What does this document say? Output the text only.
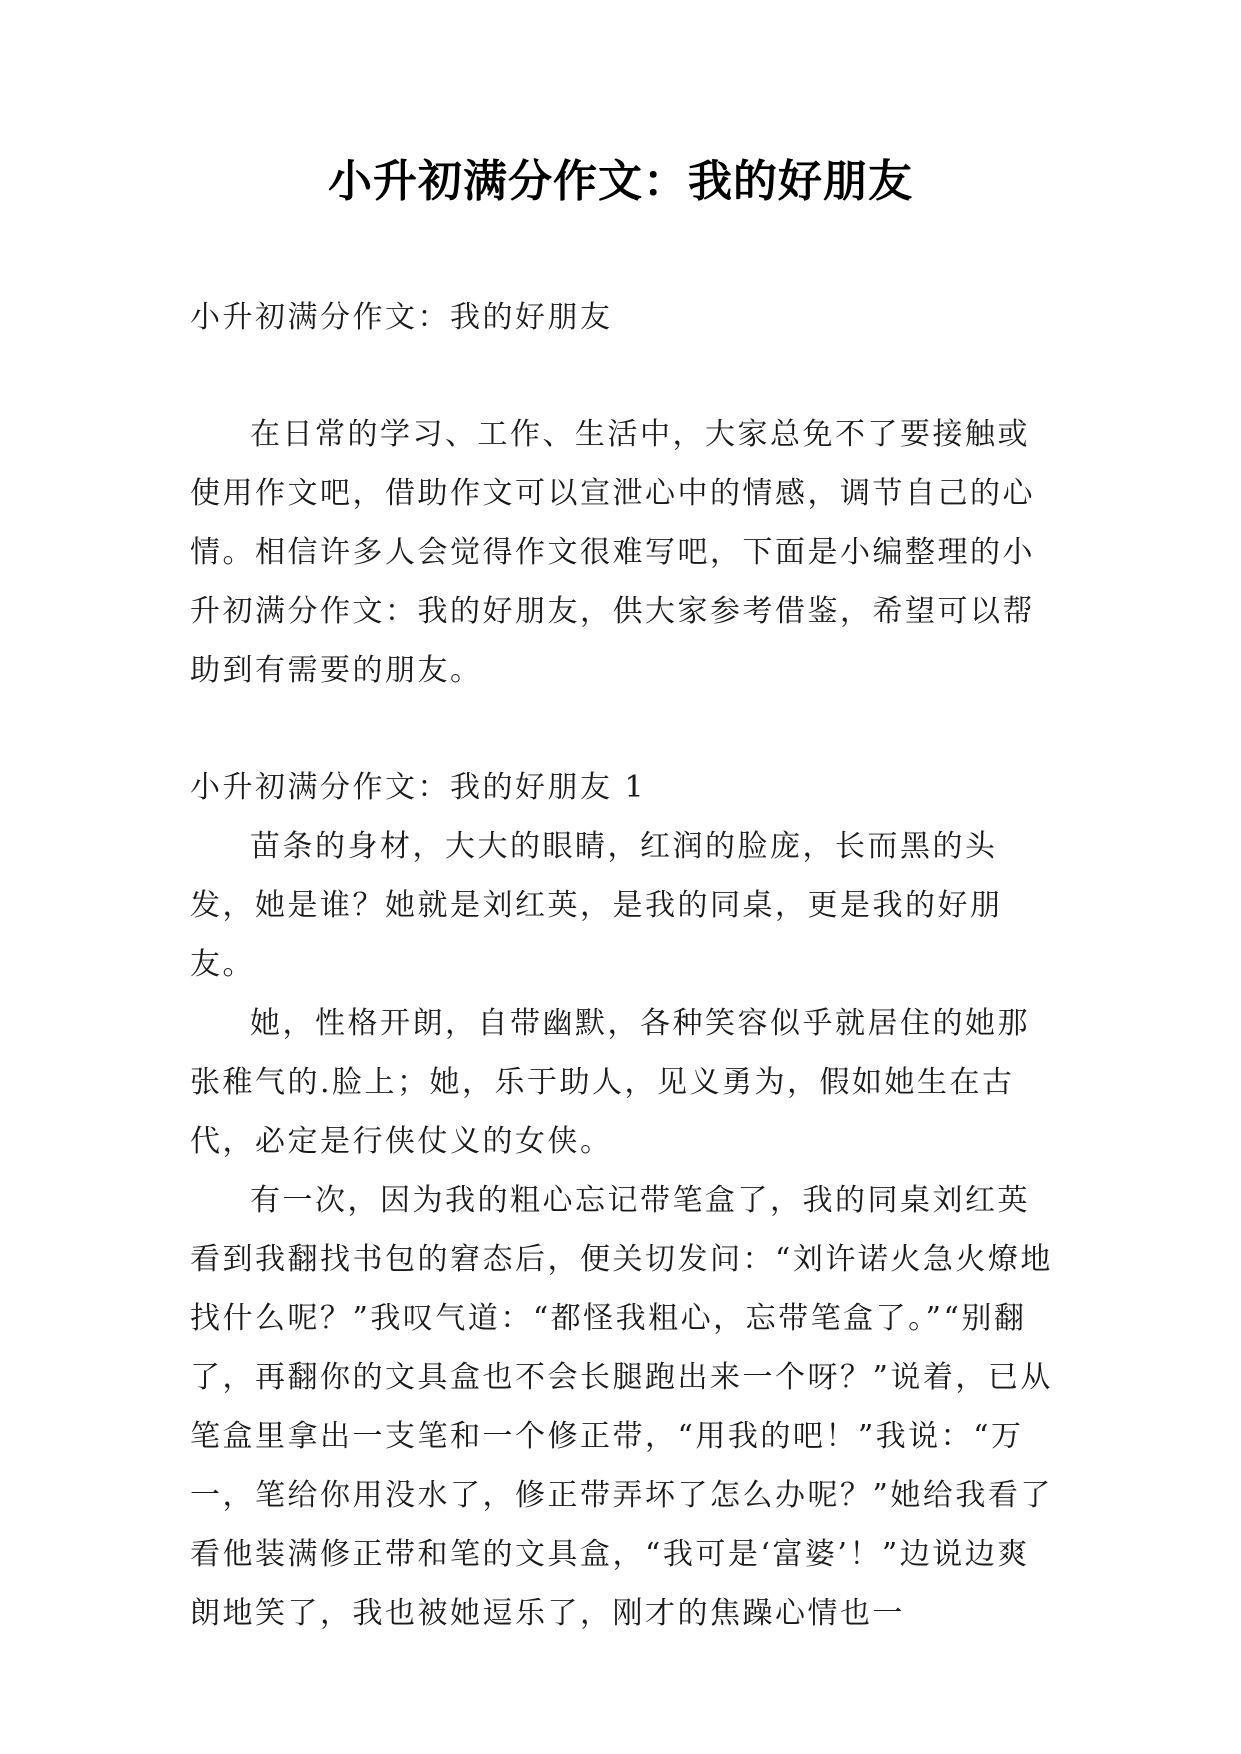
小升初满分作文：我的好朋友

小升初满分作文：我的好朋友

在日常的学习、工作、生活中，大家总免不了要接触或使用作文吧，借助作文可以宣泄心中的情感，调节自己的心情。相信许多人会觉得作文很难写吧，下面是小编整理的小升初满分作文：我的好朋友，供大家参考借鉴，希望可以帮助到有需要的朋友。

小升初满分作文：我的好朋友 1

苗条的身材，大大的眼睛，红润的脸庞，长而黑的头发，她是谁？她就是刘红英，是我的同桌，更是我的好朋友。

她，性格开朗，自带幽默，各种笑容似乎就居住的她那张稚气的.脸上；她，乐于助人，见义勇为，假如她生在古代，必定是行侠仗义的女侠。

有一次，因为我的粗心忘记带笔盒了，我的同桌刘红英看到我翻找书包的窘态后，便关切发问：“刘许诺火急火燎地找什么呢？”我叹气道：“都怪我粗心，忘带笔盒了。”“别翻了，再翻你的文具盒也不会长腿跑出来一个呀？”说着，已从笔盒里拿出一支笔和一个修正带，“用我的吧！”我说：“万一，笔给你用没水了，修正带弄坏了怎么办呢？”她给我看了看他装满修正带和笔的文具盒，“我可是‘富婆’！”边说边爽朗地笑了，我也被她逗乐了，刚才的焦躁心情也一
